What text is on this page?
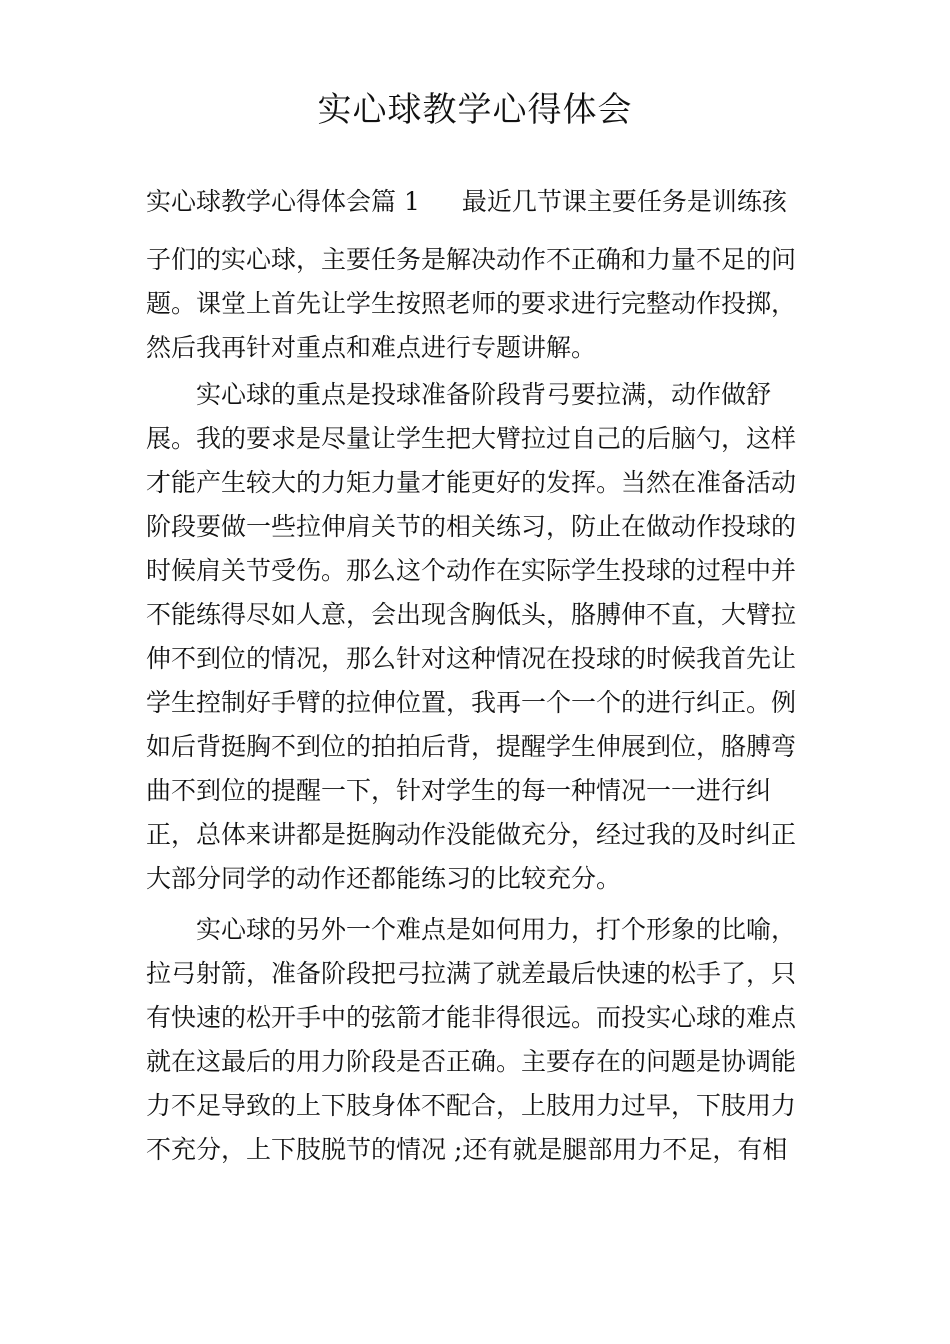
实心球教学心得体会

实心球教学心得体会篇 1 最近几节课主要任务是训练孩

子们的实心球，主要任务是解决动作不正确和力量不足的问

题。课堂上首先让学生按照老师的要求进行完整动作投掷，

然后我再针对重点和难点进行专题讲解。

实心球的重点是投球准备阶段背弓要拉满，动作做舒

展。我的要求是尽量让学生把大臂拉过自己的后脑勺，这样

才能产生较大的力矩力量才能更好的发挥。当然在准备活动

阶段要做一些拉伸肩关节的相关练习，防止在做动作投球的

时候肩关节受伤。那么这个动作在实际学生投球的过程中并

不能练得尽如人意，会出现含胸低头，胳膊伸不直，大臂拉

伸不到位的情况，那么针对这种情况在投球的时候我首先让

学生控制好手臂的拉伸位置，我再一个一个的进行纠正。例

如后背挺胸不到位的拍拍后背，提醒学生伸展到位，胳膊弯

曲不到位的提醒一下，针对学生的每一种情况一一进行纠

正，总体来讲都是挺胸动作没能做充分，经过我的及时纠正

大部分同学的动作还都能练习的比较充分。

实心球的另外一个难点是如何用力，打个形象的比喻，

拉弓射箭，准备阶段把弓拉满了就差最后快速的松手了，只

有快速的松开手中的弦箭才能非得很远。而投实心球的难点

就在这最后的用力阶段是否正确。主要存在的问题是协调能

力不足导致的上下肢身体不配合，上肢用力过早，下肢用力

不充分，上下肢脱节的情况 ;还有就是腿部用力不足，有相
